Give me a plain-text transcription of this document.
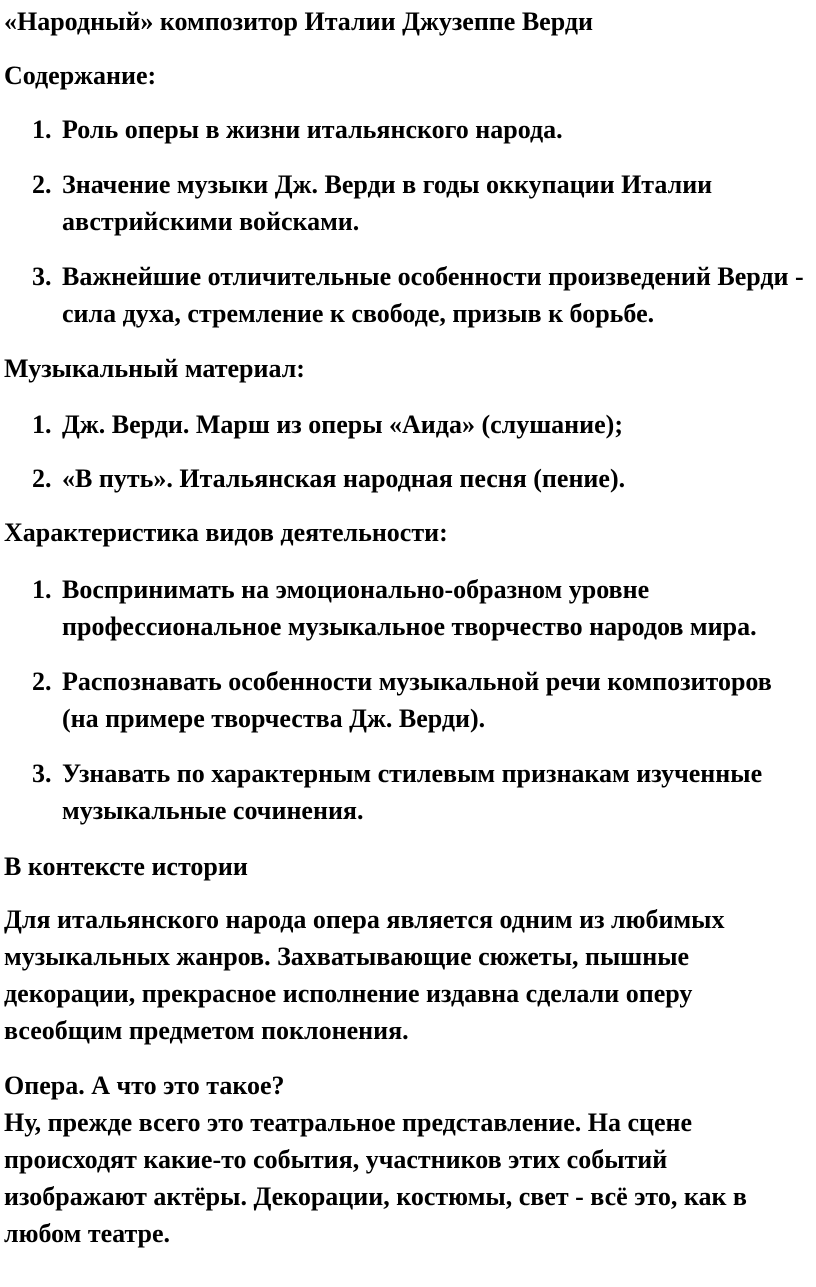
«Народный» композитор Италии Джузеппе Верди

Содержание:

1. Роль оперы в жизни итальянского народа.
2. Значение музыки Дж. Верди в годы оккупации Италии австрийскими войсками.
3. Важнейшие отличительные особенности произведений Верди - сила духа, стремление к свободе, призыв к борьбе.

Музыкальный материал:

1. Дж. Верди. Марш из оперы «Аида» (слушание);
2. «В путь». Итальянская народная песня (пение).

Характеристика видов деятельности:

1. Воспринимать на эмоционально-образном уровне профессиональное музыкальное творчество народов мира.
2. Распознавать особенности музыкальной речи композиторов (на примере творчества Дж. Верди).
3. Узнавать по характерным стилевым признакам изученные музыкальные сочинения.

В контексте истории

Для итальянского народа опера является одним из любимых музыкальных жанров. Захватывающие сюжеты, пышные декорации, прекрасное исполнение издавна сделали оперу всеобщим предметом поклонения.

Опера. А что это такое?

Ну, прежде всего это театральное представление. На сцене происходят какие-то события, участников этих событий изображают актёры. Декорации, костюмы, свет - всё это, как в любом театре.
